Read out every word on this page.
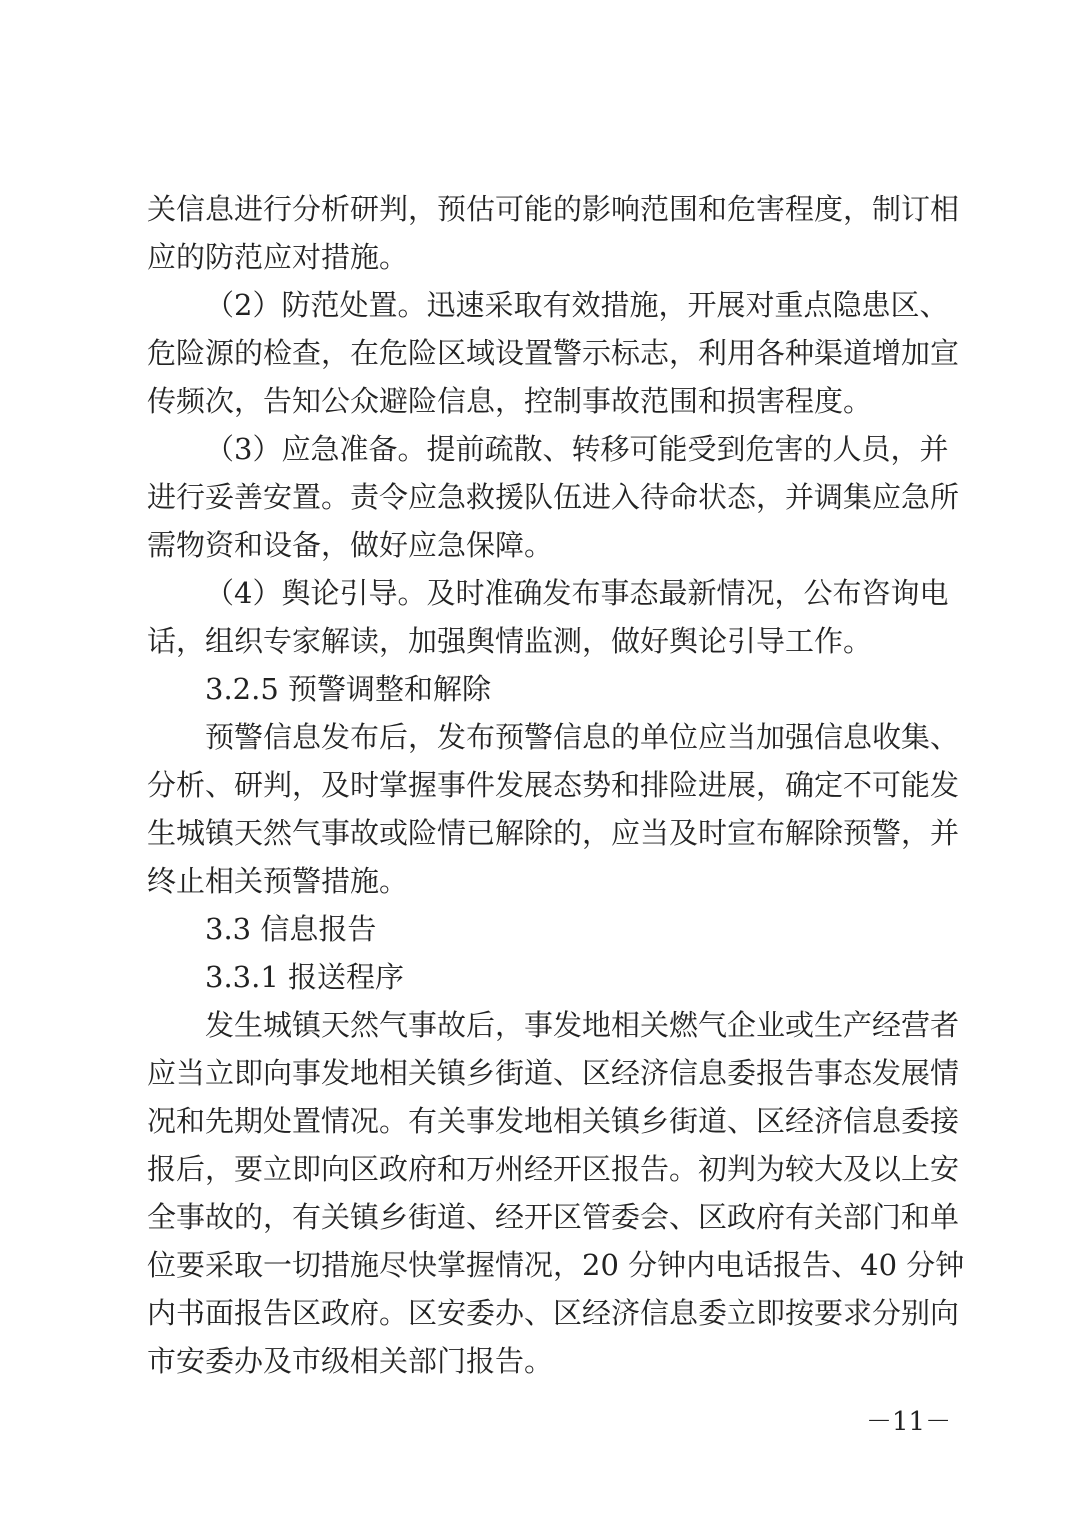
关信息进行分析研判，预估可能的影响范围和危害程度，制订相
应的防范应对措施。
（2）防范处置。迅速采取有效措施，开展对重点隐患区、
危险源的检查，在危险区域设置警示标志，利用各种渠道增加宣
传频次，告知公众避险信息，控制事故范围和损害程度。
（3）应急准备。提前疏散、转移可能受到危害的人员，并
进行妥善安置。责令应急救援队伍进入待命状态，并调集应急所
需物资和设备，做好应急保障。
（4）舆论引导。及时准确发布事态最新情况，公布咨询电
话，组织专家解读，加强舆情监测，做好舆论引导工作。
3.2.5 预警调整和解除
预警信息发布后，发布预警信息的单位应当加强信息收集、
分析、研判，及时掌握事件发展态势和排险进展，确定不可能发
生城镇天然气事故或险情已解除的，应当及时宣布解除预警，并
终止相关预警措施。
3.3 信息报告
3.3.1 报送程序
发生城镇天然气事故后，事发地相关燃气企业或生产经营者
应当立即向事发地相关镇乡街道、区经济信息委报告事态发展情
况和先期处置情况。有关事发地相关镇乡街道、区经济信息委接
报后，要立即向区政府和万州经开区报告。初判为较大及以上安
全事故的，有关镇乡街道、经开区管委会、区政府有关部门和单
位要采取一切措施尽快掌握情况，20 分钟内电话报告、40 分钟
内书面报告区政府。区安委办、区经济信息委立即按要求分别向
市安委办及市级相关部门报告。
－11－
